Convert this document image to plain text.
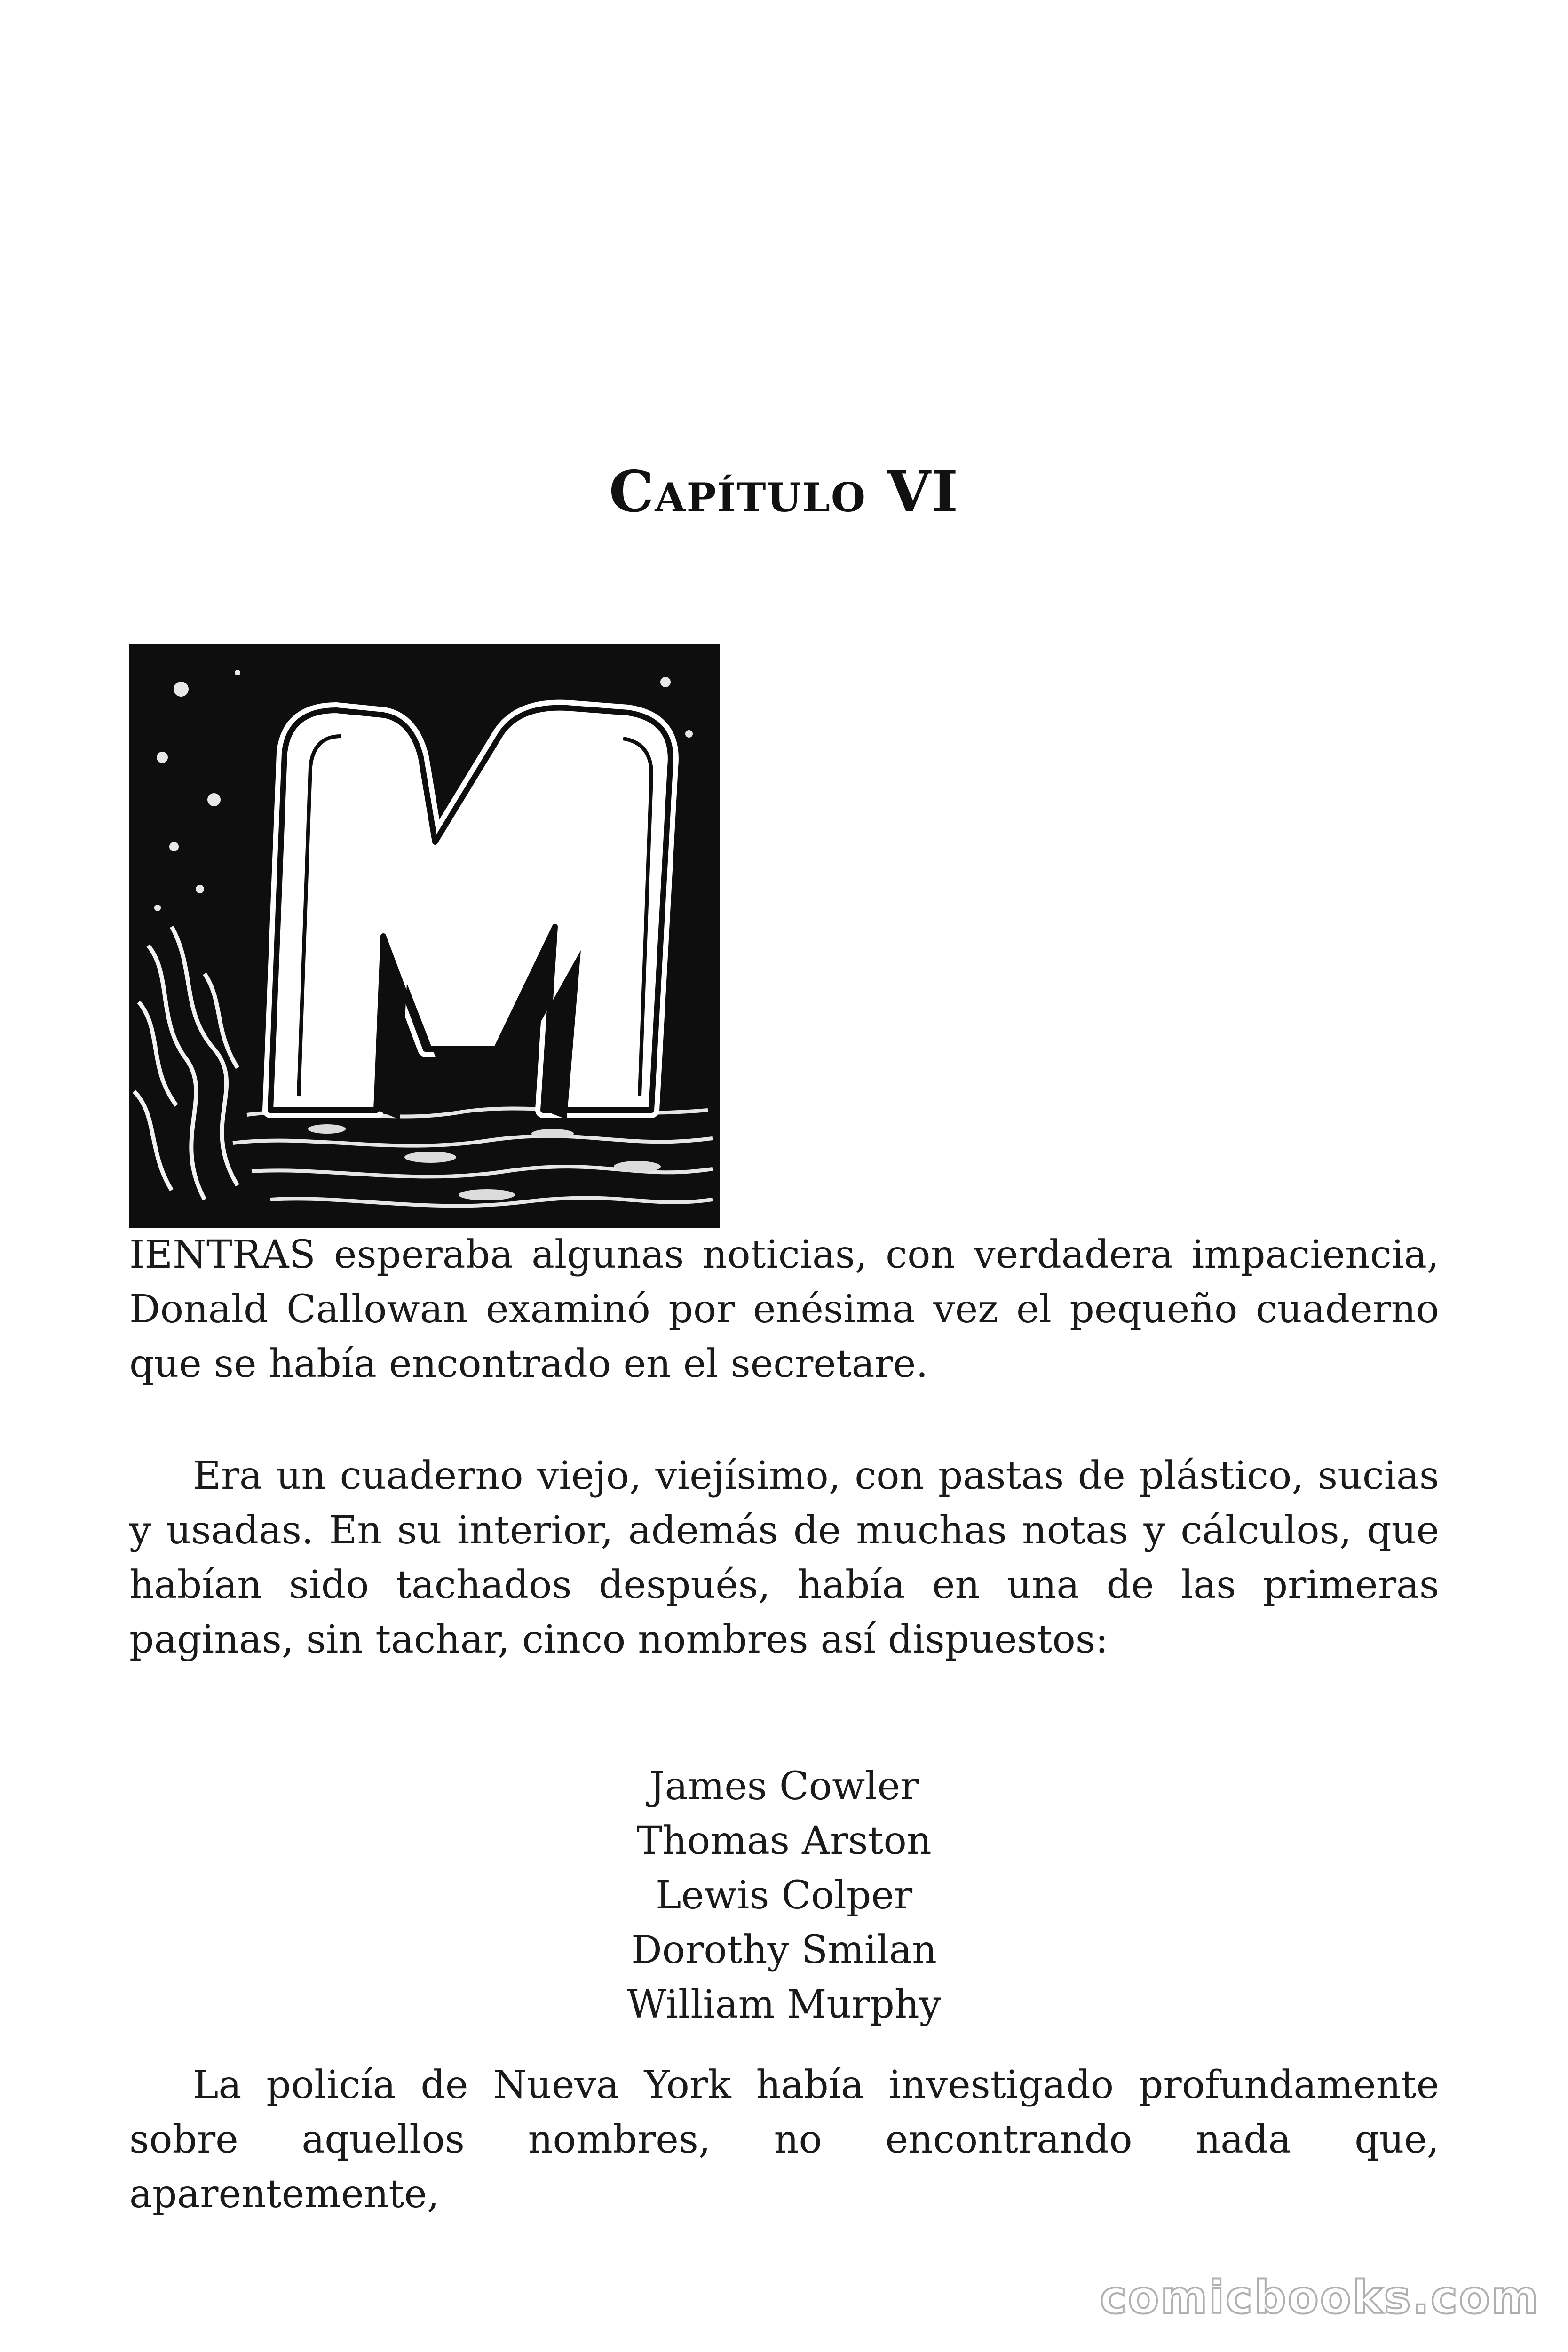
Capítulo VI

IENTRAS esperaba algunas noticias, con verdadera impaciencia, Donald Callowan examinó por enésima vez el pequeño cuaderno que se había encontrado en el secretare.

Era un cuaderno viejo, viejísimo, con pastas de plástico, sucias y usadas. En su interior, además de muchas notas y cálculos, que habían sido tachados después, había en una de las primeras paginas, sin tachar, cinco nombres así dispuestos:

James Cowler
Thomas Arston
Lewis Colper
Dorothy Smilan
William Murphy

La policía de Nueva York había investigado profundamente sobre aquellos nombres, no encontrando nada que, aparentemente,

comicbooks.com
